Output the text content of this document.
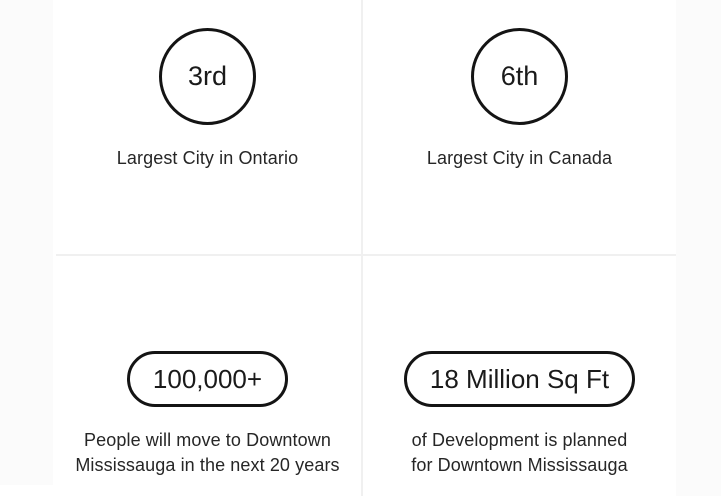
3rd
Largest City in Ontario
6th
Largest City in Canada
100,000+
People will move to Downtown
Mississauga in the next 20 years
18 Million Sq Ft
of Development is planned
for Downtown Mississauga
